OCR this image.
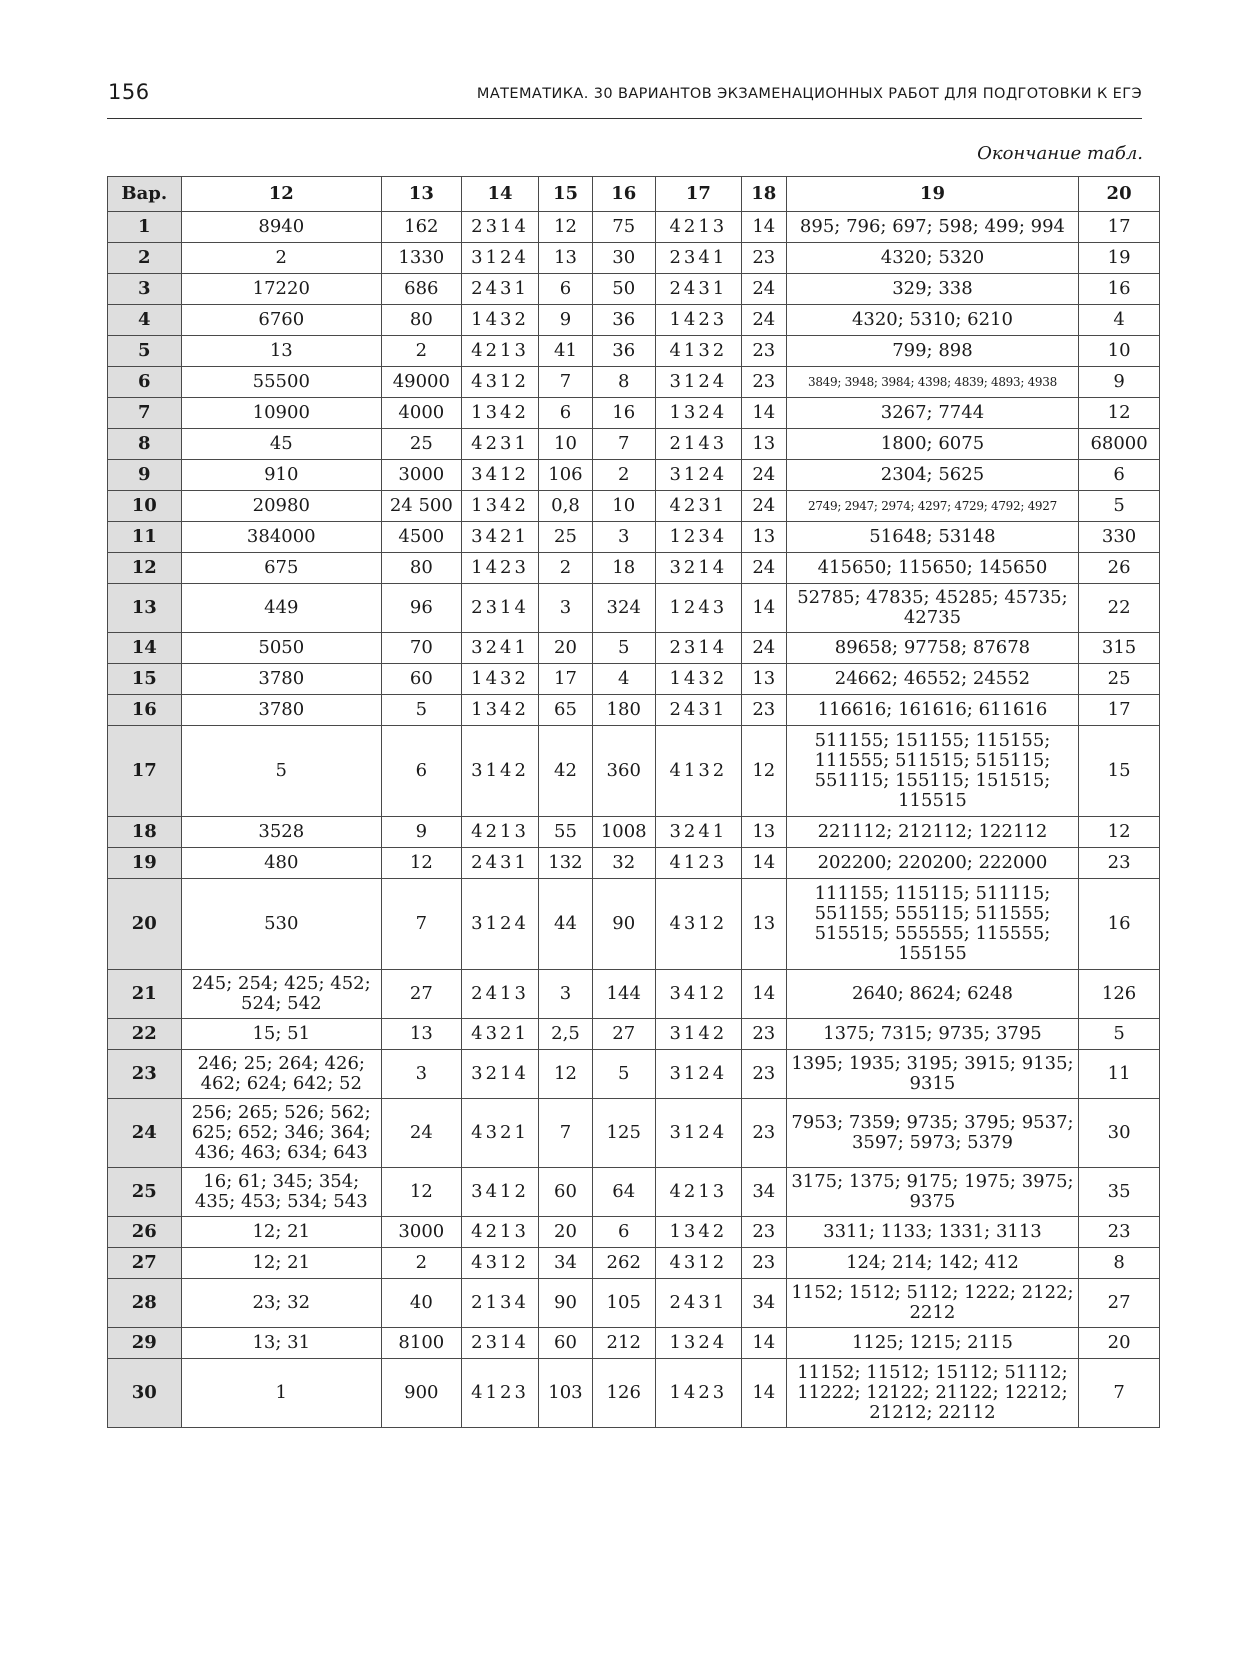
156	МАТЕМАТИКА. 30 ВАРИАНТОВ ЭКЗАМЕНАЦИОННЫХ РАБОТ ДЛЯ ПОДГОТОВКИ К ЕГЭ
Окончание табл.
Вар.	12	13	14	15	16	17	18	19	20
1	8940	162	2314	12	75	4213	14	895; 796; 697; 598; 499; 994	17
2	2	1330	3124	13	30	2341	23	4320; 5320	19
3	17220	686	2431	6	50	2431	24	329; 338	16
4	6760	80	1432	9	36	1423	24	4320; 5310; 6210	4
5	13	2	4213	41	36	4132	23	799; 898	10
6	55500	49000	4312	7	8	3124	23	3849; 3948; 3984; 4398; 4839; 4893; 4938	9
7	10900	4000	1342	6	16	1324	14	3267; 7744	12
8	45	25	4231	10	7	2143	13	1800; 6075	68000
9	910	3000	3412	106	2	3124	24	2304; 5625	6
10	20980	24 500	1342	0,8	10	4231	24	2749; 2947; 2974; 4297; 4729; 4792; 4927	5
11	384000	4500	3421	25	3	1234	13	51648; 53148	330
12	675	80	1423	2	18	3214	24	415650; 115650; 145650	26
13	449	96	2314	3	324	1243	14	52785; 47835; 45285; 45735; 42735	22
14	5050	70	3241	20	5	2314	24	89658; 97758; 87678	315
15	3780	60	1432	17	4	1432	13	24662; 46552; 24552	25
16	3780	5	1342	65	180	2431	23	116616; 161616; 611616	17
17	5	6	3142	42	360	4132	12	511155; 151155; 115155; 111555; 511515; 515115; 551115; 155115; 151515; 115515	15
18	3528	9	4213	55	1008	3241	13	221112; 212112; 122112	12
19	480	12	2431	132	32	4123	14	202200; 220200; 222000	23
20	530	7	3124	44	90	4312	13	111155; 115115; 511115; 551155; 555115; 511555; 515515; 555555; 115555; 155155	16
21	245; 254; 425; 452; 524; 542	27	2413	3	144	3412	14	2640; 8624; 6248	126
22	15; 51	13	4321	2,5	27	3142	23	1375; 7315; 9735; 3795	5
23	246; 25; 264; 426; 462; 624; 642; 52	3	3214	12	5	3124	23	1395; 1935; 3195; 3915; 9135; 9315	11
24	256; 265; 526; 562; 625; 652; 346; 364; 436; 463; 634; 643	24	4321	7	125	3124	23	7953; 7359; 9735; 3795; 9537; 3597; 5973; 5379	30
25	16; 61; 345; 354; 435; 453; 534; 543	12	3412	60	64	4213	34	3175; 1375; 9175; 1975; 3975; 9375	35
26	12; 21	3000	4213	20	6	1342	23	3311; 1133; 1331; 3113	23
27	12; 21	2	4312	34	262	4312	23	124; 214; 142; 412	8
28	23; 32	40	2134	90	105	2431	34	1152; 1512; 5112; 1222; 2122; 2212	27
29	13; 31	8100	2314	60	212	1324	14	1125; 1215; 2115	20
30	1	900	4123	103	126	1423	14	11152; 11512; 15112; 51112; 11222; 12122; 21122; 12212; 21212; 22112	7
